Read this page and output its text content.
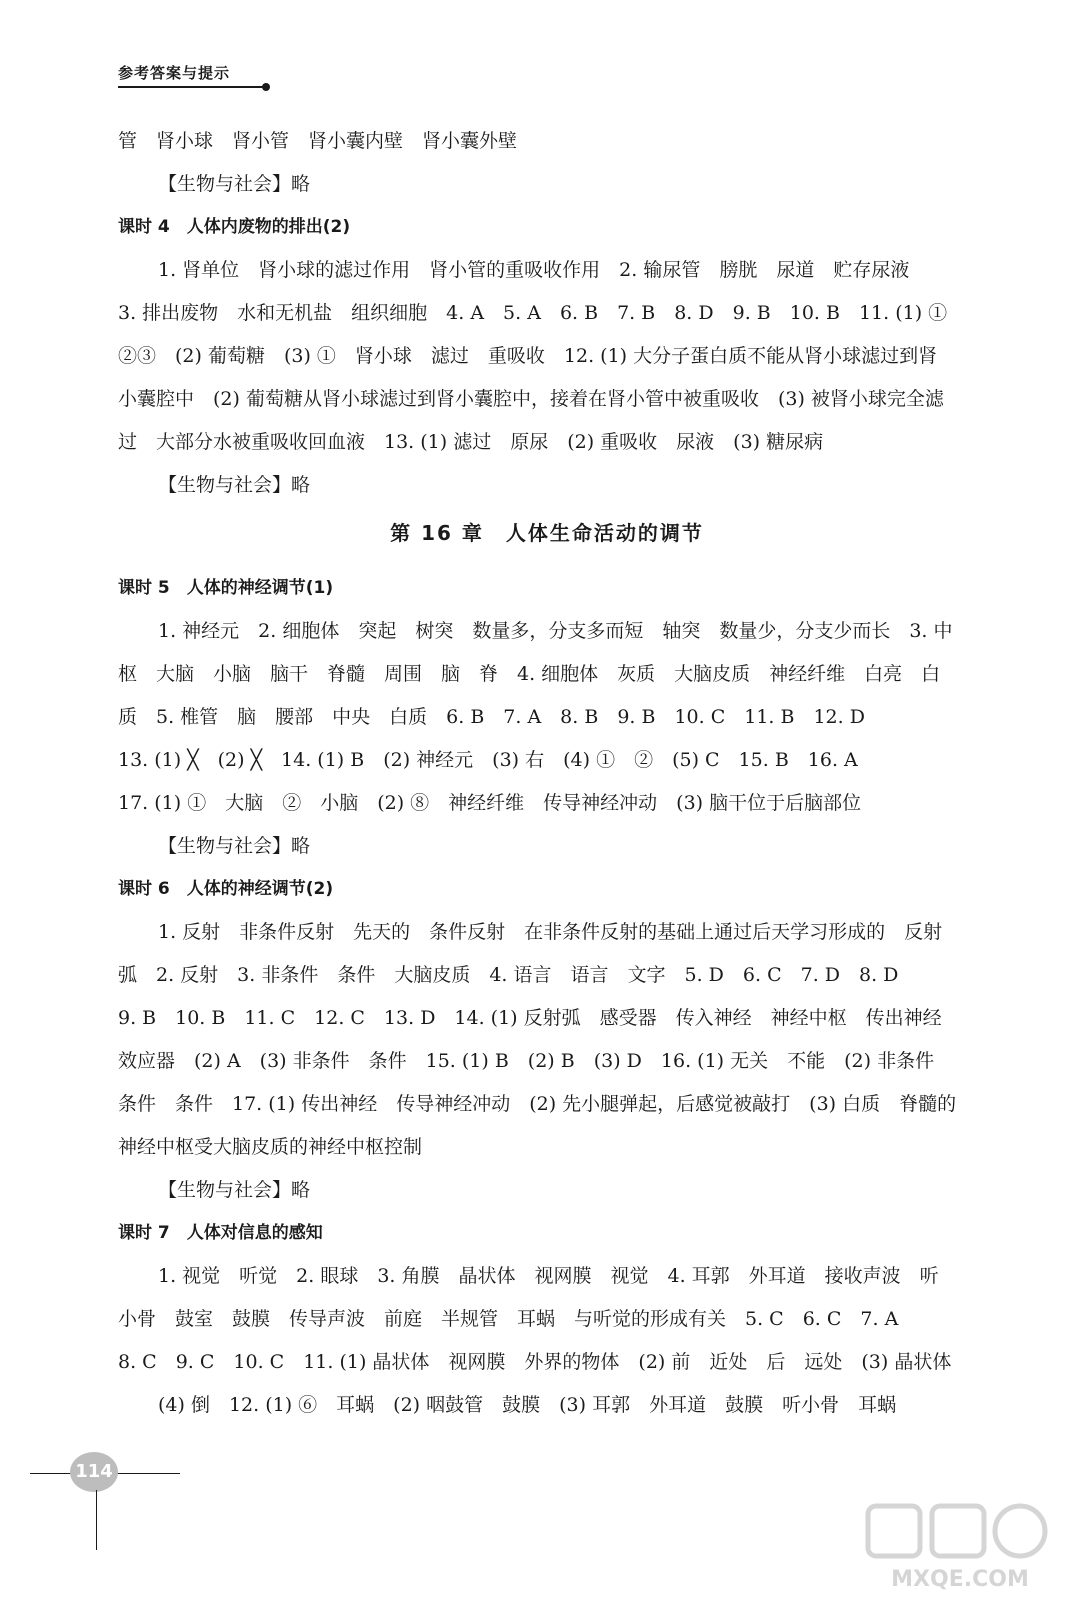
参考答案与提示
管　肾小球　肾小管　肾小囊内壁　肾小囊外壁
【生物与社会】略
课时 4　人体内废物的排出(2)
1. 肾单位　肾小球的滤过作用　肾小管的重吸收作用　2. 输尿管　膀胱　尿道　贮存尿液
3. 排出废物　水和无机盐　组织细胞　4. A　5. A　6. B　7. B　8. D　9. B　10. B　11. (1) ①
②③　(2) 葡萄糖　(3) ①　肾小球　滤过　重吸收　12. (1) 大分子蛋白质不能从肾小球滤过到肾
小囊腔中　(2) 葡萄糖从肾小球滤过到肾小囊腔中，接着在肾小管中被重吸收　(3) 被肾小球完全滤
过　大部分水被重吸收回血液　13. (1) 滤过　原尿　(2) 重吸收　尿液　(3) 糖尿病
【生物与社会】略
第 16 章　人体生命活动的调节
课时 5　人体的神经调节(1)
1. 神经元　2. 细胞体　突起　树突　数量多，分支多而短　轴突　数量少，分支少而长　3. 中
枢　大脑　小脑　脑干　脊髓　周围　脑　脊　4. 细胞体　灰质　大脑皮质　神经纤维　白亮　白
质　5. 椎管　脑　腰部　中央　白质　6. B　7. A　8. B　9. B　10. C　11. B　12. D
13. (1) ╳　(2) ╳　14. (1) B　(2) 神经元　(3) 右　(4) ①　②　(5) C　15. B　16. A
17. (1) ①　大脑　②　小脑　(2) ⑧　神经纤维　传导神经冲动　(3) 脑干位于后脑部位
【生物与社会】略
课时 6　人体的神经调节(2)
1. 反射　非条件反射　先天的　条件反射　在非条件反射的基础上通过后天学习形成的　反射
弧　2. 反射　3. 非条件　条件　大脑皮质　4. 语言　语言　文字　5. D　6. C　7. D　8. D
9. B　10. B　11. C　12. C　13. D　14. (1) 反射弧　感受器　传入神经　神经中枢　传出神经
效应器　(2) A　(3) 非条件　条件　15. (1) B　(2) B　(3) D　16. (1) 无关　不能　(2) 非条件
条件　条件　17. (1) 传出神经　传导神经冲动　(2) 先小腿弹起，后感觉被敲打　(3) 白质　脊髓的
神经中枢受大脑皮质的神经中枢控制
【生物与社会】略
课时 7　人体对信息的感知
1. 视觉　听觉　2. 眼球　3. 角膜　晶状体　视网膜　视觉　4. 耳郭　外耳道　接收声波　听
小骨　鼓室　鼓膜　传导声波　前庭　半规管　耳蜗　与听觉的形成有关　5. C　6. C　7. A
8. C　9. C　10. C　11. (1) 晶状体　视网膜　外界的物体　(2) 前　近处　后　远处　(3) 晶状体
(4) 倒　12. (1) ⑥　耳蜗　(2) 咽鼓管　鼓膜　(3) 耳郭　外耳道　鼓膜　听小骨　耳蜗
114
MXQE.COM
